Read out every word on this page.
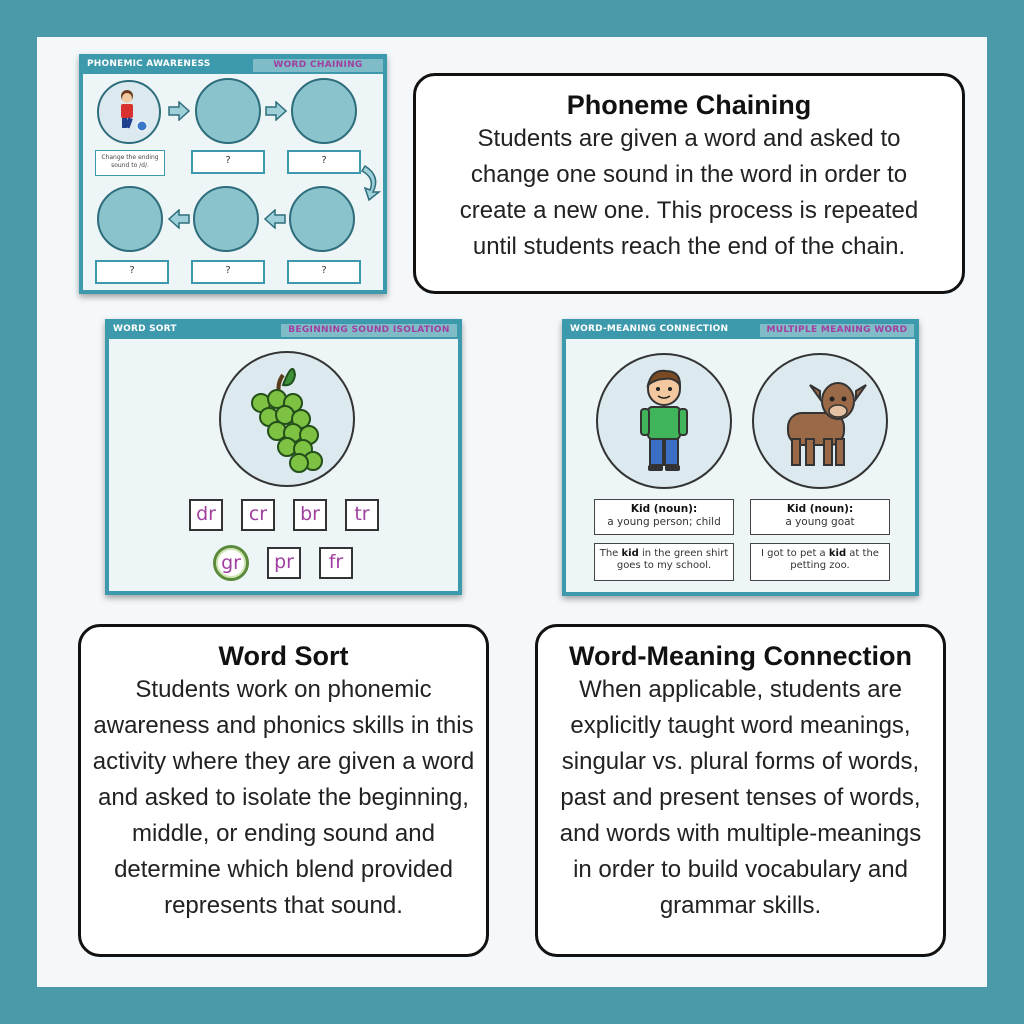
PHONEMIC AWARENESS	WORD CHAINING
Change the ending sound to /d/.	?	?
?	?	?
Phoneme Chaining

Students are given a word and asked to change one sound in the word in order to create a new one. This process is repeated until students reach the end of the chain.

WORD SORT	BEGINNING SOUND ISOLATION
dr	cr	br	tr
gr	pr	fr
WORD-MEANING CONNECTION	MULTIPLE MEANING WORD
Kid (noun):
a young person; child
Kid (noun):
a young goat
The kid in the green shirt goes to my school.
I got to pet a kid at the petting zoo.
Word Sort

Students work on phonemic awareness and phonics skills in this activity where they are given a word and asked to isolate the beginning, middle, or ending sound and determine which blend provided represents that sound.

Word-Meaning Connection

When applicable, students are explicitly taught word meanings, singular vs. plural forms of words, past and present tenses of words, and words with multiple-meanings in order to build vocabulary and grammar skills.
